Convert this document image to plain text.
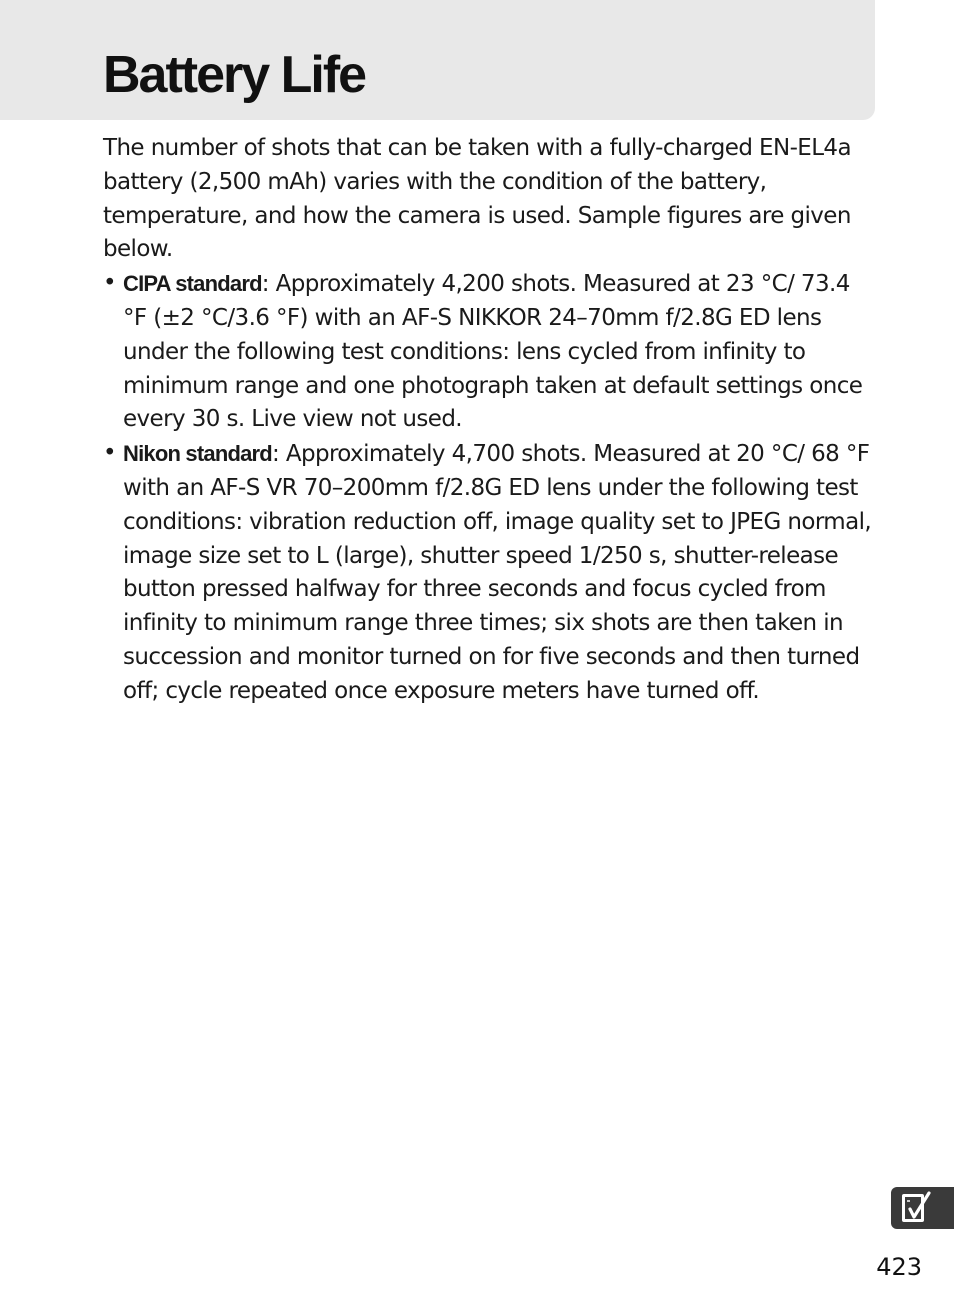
Battery Life

The number of shots that can be taken with a fully-charged EN-EL4a battery (2,500 mAh) varies with the condition of the battery, temperature, and how the camera is used. Sample figures are given below.

• CIPA standard: Approximately 4,200 shots. Measured at 23 °C/ 73.4 °F (±2 °C/3.6 °F) with an AF-S NIKKOR 24–70mm f/2.8G ED lens under the following test conditions: lens cycled from infinity to minimum range and one photograph taken at default settings once every 30 s. Live view not used.
• Nikon standard: Approximately 4,700 shots. Measured at 20 °C/ 68 °F with an AF-S VR 70–200mm f/2.8G ED lens under the following test conditions: vibration reduction off, image quality set to JPEG normal, image size set to L (large), shutter speed 1/250 s, shutter-release button pressed halfway for three seconds and focus cycled from infinity to minimum range three times; six shots are then taken in succession and monitor turned on for five seconds and then turned off; cycle repeated once exposure meters have turned off.
423
